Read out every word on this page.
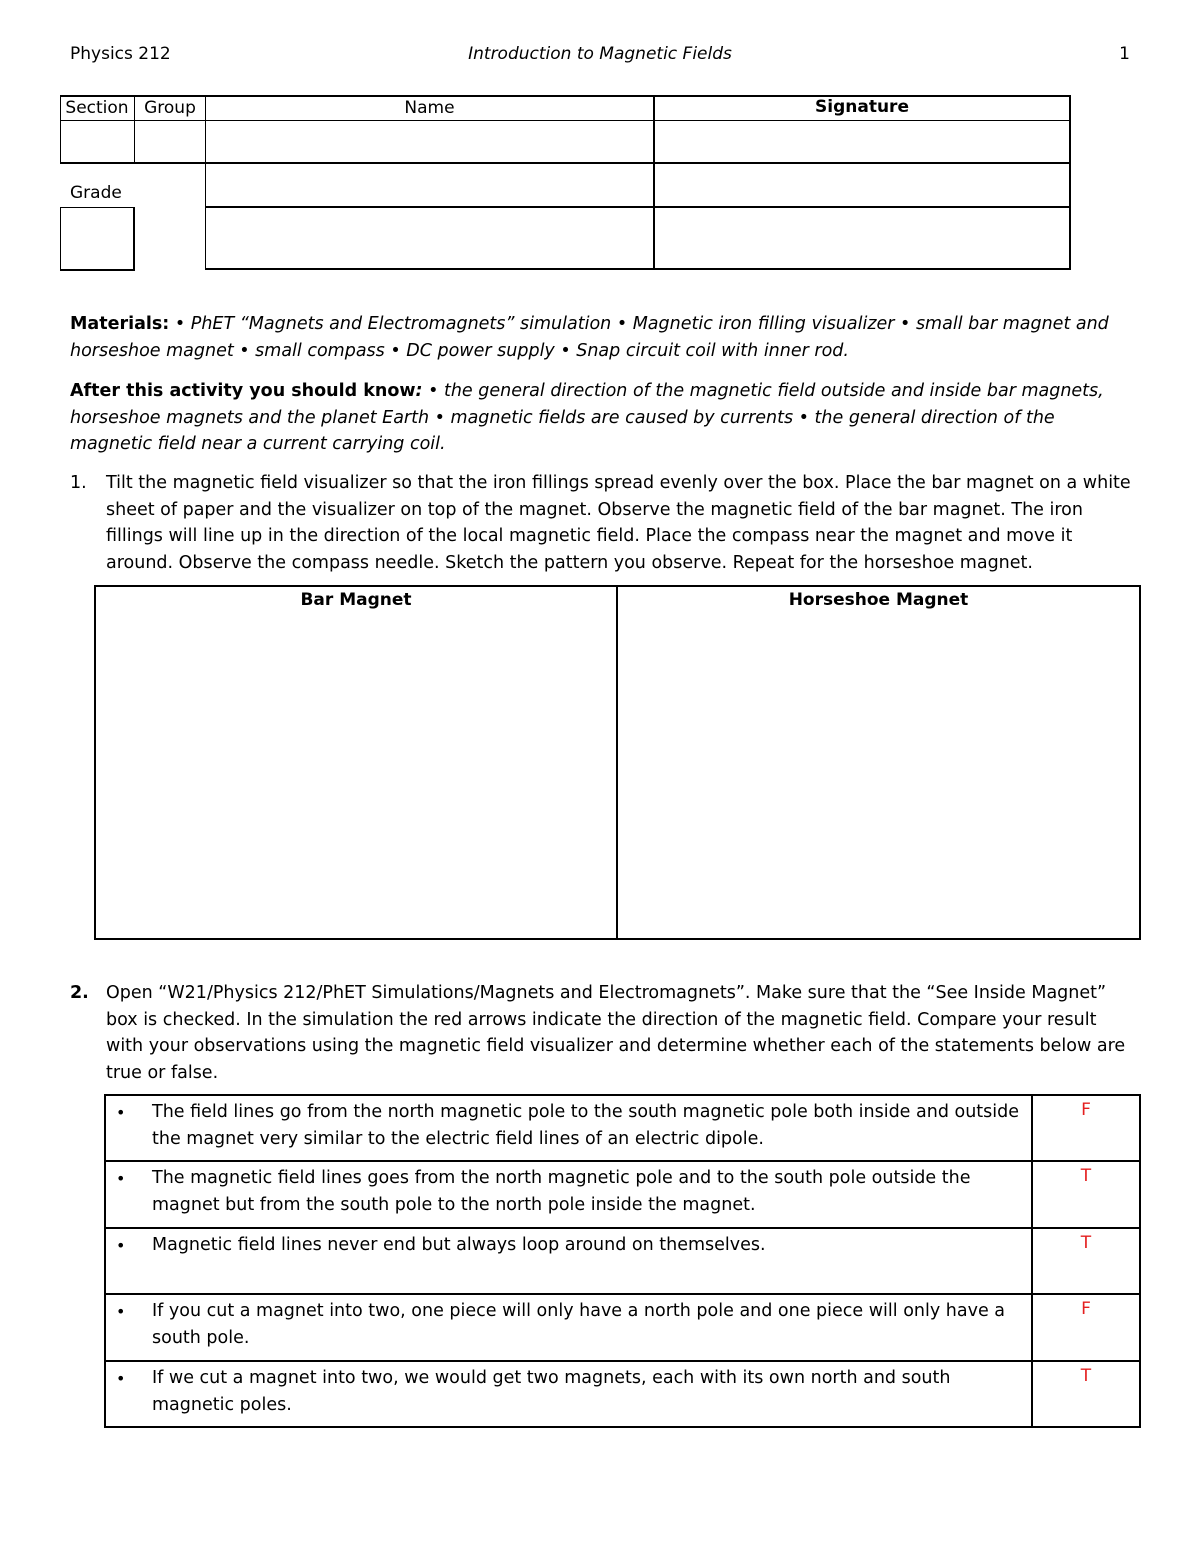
Physics 212	Introduction to Magnetic Fields	1
Section Group	Name	Signature
Grade
Materials: • PhET “Magnets and Electromagnets” simulation • Magnetic iron filling visualizer • small bar magnet and horseshoe magnet • small compass • DC power supply • Snap circuit coil with inner rod.
After this activity you should know: • the general direction of the magnetic field outside and inside bar magnets, horseshoe magnets and the planet Earth • magnetic fields are caused by currents • the general direction of the magnetic field near a current carrying coil.
1. Tilt the magnetic field visualizer so that the iron fillings spread evenly over the box. Place the bar magnet on a white sheet of paper and the visualizer on top of the magnet. Observe the magnetic field of the bar magnet. The iron fillings will line up in the direction of the local magnetic field. Place the compass near the magnet and move it around. Observe the compass needle. Sketch the pattern you observe. Repeat for the horseshoe magnet.
Bar Magnet	Horseshoe Magnet
2. Open “W21/Physics 212/PhET Simulations/Magnets and Electromagnets”. Make sure that the “See Inside Magnet” box is checked. In the simulation the red arrows indicate the direction of the magnetic field. Compare your result with your observations using the magnetic field visualizer and determine whether each of the statements below are true or false.
• The field lines go from the north magnetic pole to the south magnetic pole both inside and outside the magnet very similar to the electric field lines of an electric dipole.
F
• The magnetic field lines goes from the north magnetic pole and to the south pole outside the magnet but from the south pole to the north pole inside the magnet.
T
• Magnetic field lines never end but always loop around on themselves.	T
• If you cut a magnet into two, one piece will only have a north pole and one piece will only have a south pole.
F
• If we cut a magnet into two, we would get two magnets, each with its own north and south magnetic poles.
T
